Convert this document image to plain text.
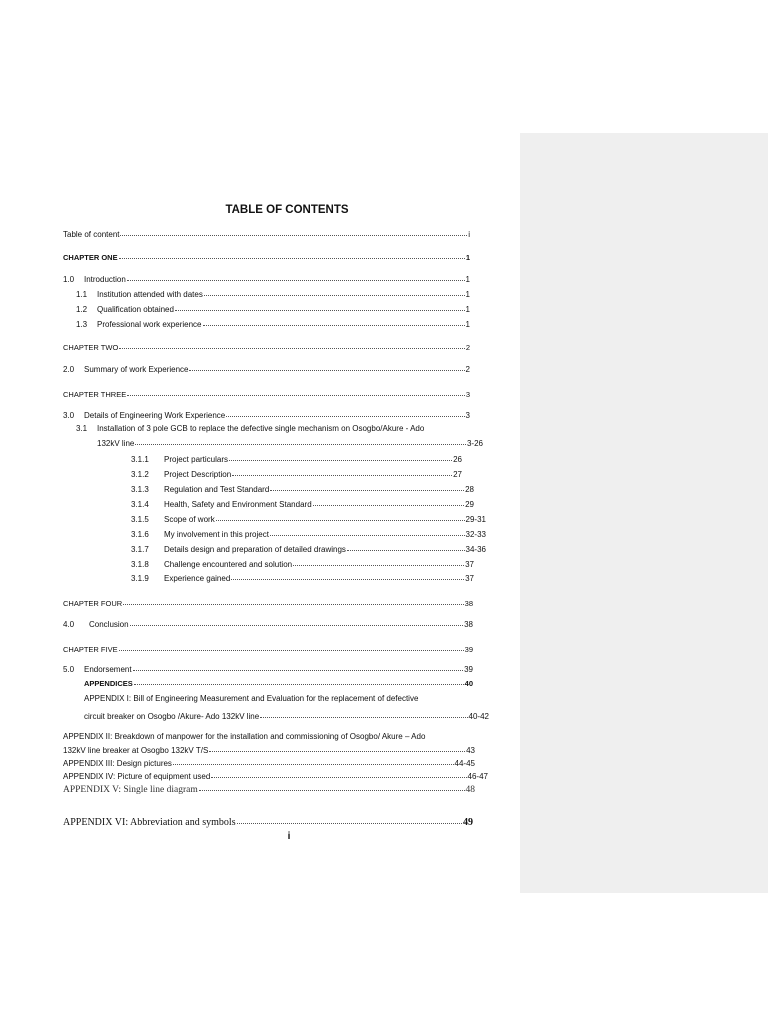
TABLE OF CONTENTS
Table of content	i
CHAPTER ONE	1
1.0	Introduction	1
1.1	Institution attended with dates	1
1.2	Qualification obtained	1
1.3	Professional work experience	1
CHAPTER TWO	2
2.0	Summary of work Experience	2
CHAPTER THREE	3
3.0	Details of Engineering Work Experience	3
3.1 Installation of 3 pole GCB to replace the defective single mechanism on Osogbo/Akure - Ado
132kV line	3-26
3.1.1	Project particulars	26
3.1.2	Project Description	27
3.1.3	Regulation and Test Standard	28
3.1.4	Health, Safety and Environment Standard	29
3.1.5	Scope of work	29-31
3.1.6	My involvement in this project	32-33
3.1.7	Details design and preparation of detailed drawings	34-36
3.1.8	Challenge encountered and solution	37
3.1.9	Experience gained	37
CHAPTER FOUR	38
4.0	Conclusion	38
CHAPTER FIVE	39
5.0	Endorsement	39
APPENDICES	40
APPENDIX I: Bill of Engineering Measurement and Evaluation for the replacement of defective
circuit breaker on Osogbo /Akure- Ado 132kV line	40-42
APPENDIX II: Breakdown of manpower for the installation and commissioning of Osogbo/ Akure – Ado
132kV line breaker at Osogbo 132kV T/S	43
APPENDIX III: Design pictures	44-45
APPENDIX IV: Picture of equipment used	46-47
APPENDIX V: Single line diagram	48
APPENDIX VI: Abbreviation and symbols	49
i
